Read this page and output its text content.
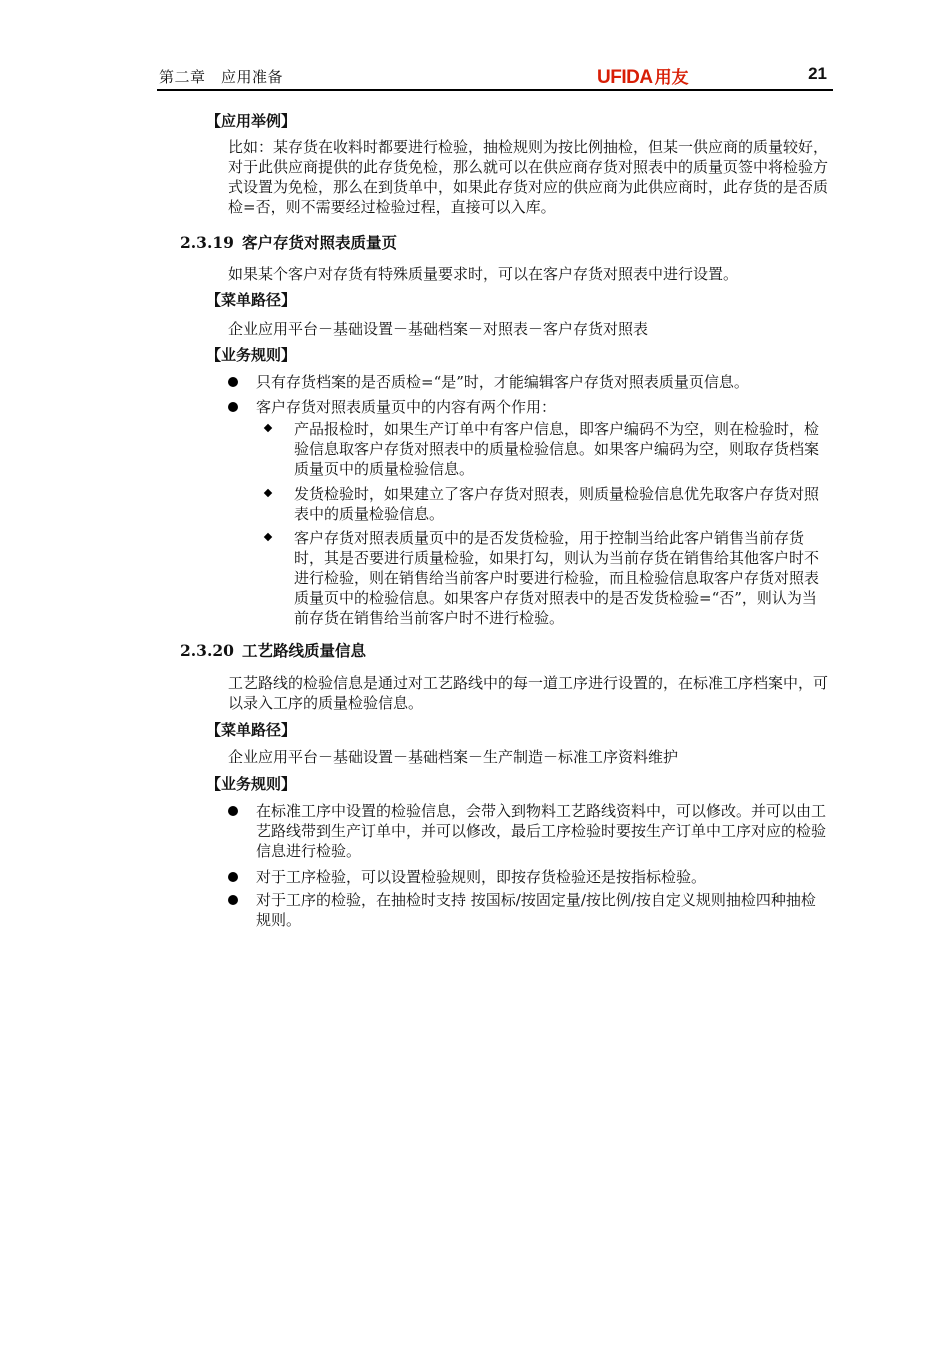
第二章　应用准备	UFIDA 用友	21
【应用举例】
比如：某存货在收料时都要进行检验，抽检规则为按比例抽检，但某一供应商的质量较好，对于此供应商提供的此存货免检，那么就可以在供应商存货对照表中的质量页签中将检验方式设置为免检，那么在到货单中，如果此存货对应的供应商为此供应商时，此存货的是否质检=否，则不需要经过检验过程，直接可以入库。
2.3.19 客户存货对照表质量页
如果某个客户对存货有特殊质量要求时，可以在客户存货对照表中进行设置。
【菜单路径】
企业应用平台－基础设置－基础档案－对照表－客户存货对照表
【业务规则】
只有存货档案的是否质检=“是”时，才能编辑客户存货对照表质量页信息。
客户存货对照表质量页中的内容有两个作用：
产品报检时，如果生产订单中有客户信息，即客户编码不为空，则在检验时，检验信息取客户存货对照表中的质量检验信息。如果客户编码为空，则取存货档案质量页中的质量检验信息。
发货检验时，如果建立了客户存货对照表，则质量检验信息优先取客户存货对照表中的质量检验信息。
客户存货对照表质量页中的是否发货检验，用于控制当给此客户销售当前存货时，其是否要进行质量检验，如果打勾，则认为当前存货在销售给其他客户时不进行检验，则在销售给当前客户时要进行检验，而且检验信息取客户存货对照表质量页中的检验信息。如果客户存货对照表中的是否发货检验=“否”，则认为当前存货在销售给当前客户时不进行检验。
2.3.20 工艺路线质量信息
工艺路线的检验信息是通过对工艺路线中的每一道工序进行设置的，在标准工序档案中，可以录入工序的质量检验信息。
【菜单路径】
企业应用平台－基础设置－基础档案－生产制造－标准工序资料维护
【业务规则】
在标准工序中设置的检验信息，会带入到物料工艺路线资料中，可以修改。并可以由工艺路线带到生产订单中，并可以修改，最后工序检验时要按生产订单中工序对应的检验信息进行检验。
对于工序检验，可以设置检验规则，即按存货检验还是按指标检验。
对于工序的检验，在抽检时支持 按国标/按固定量/按比例/按自定义规则抽检四种抽检规则。
